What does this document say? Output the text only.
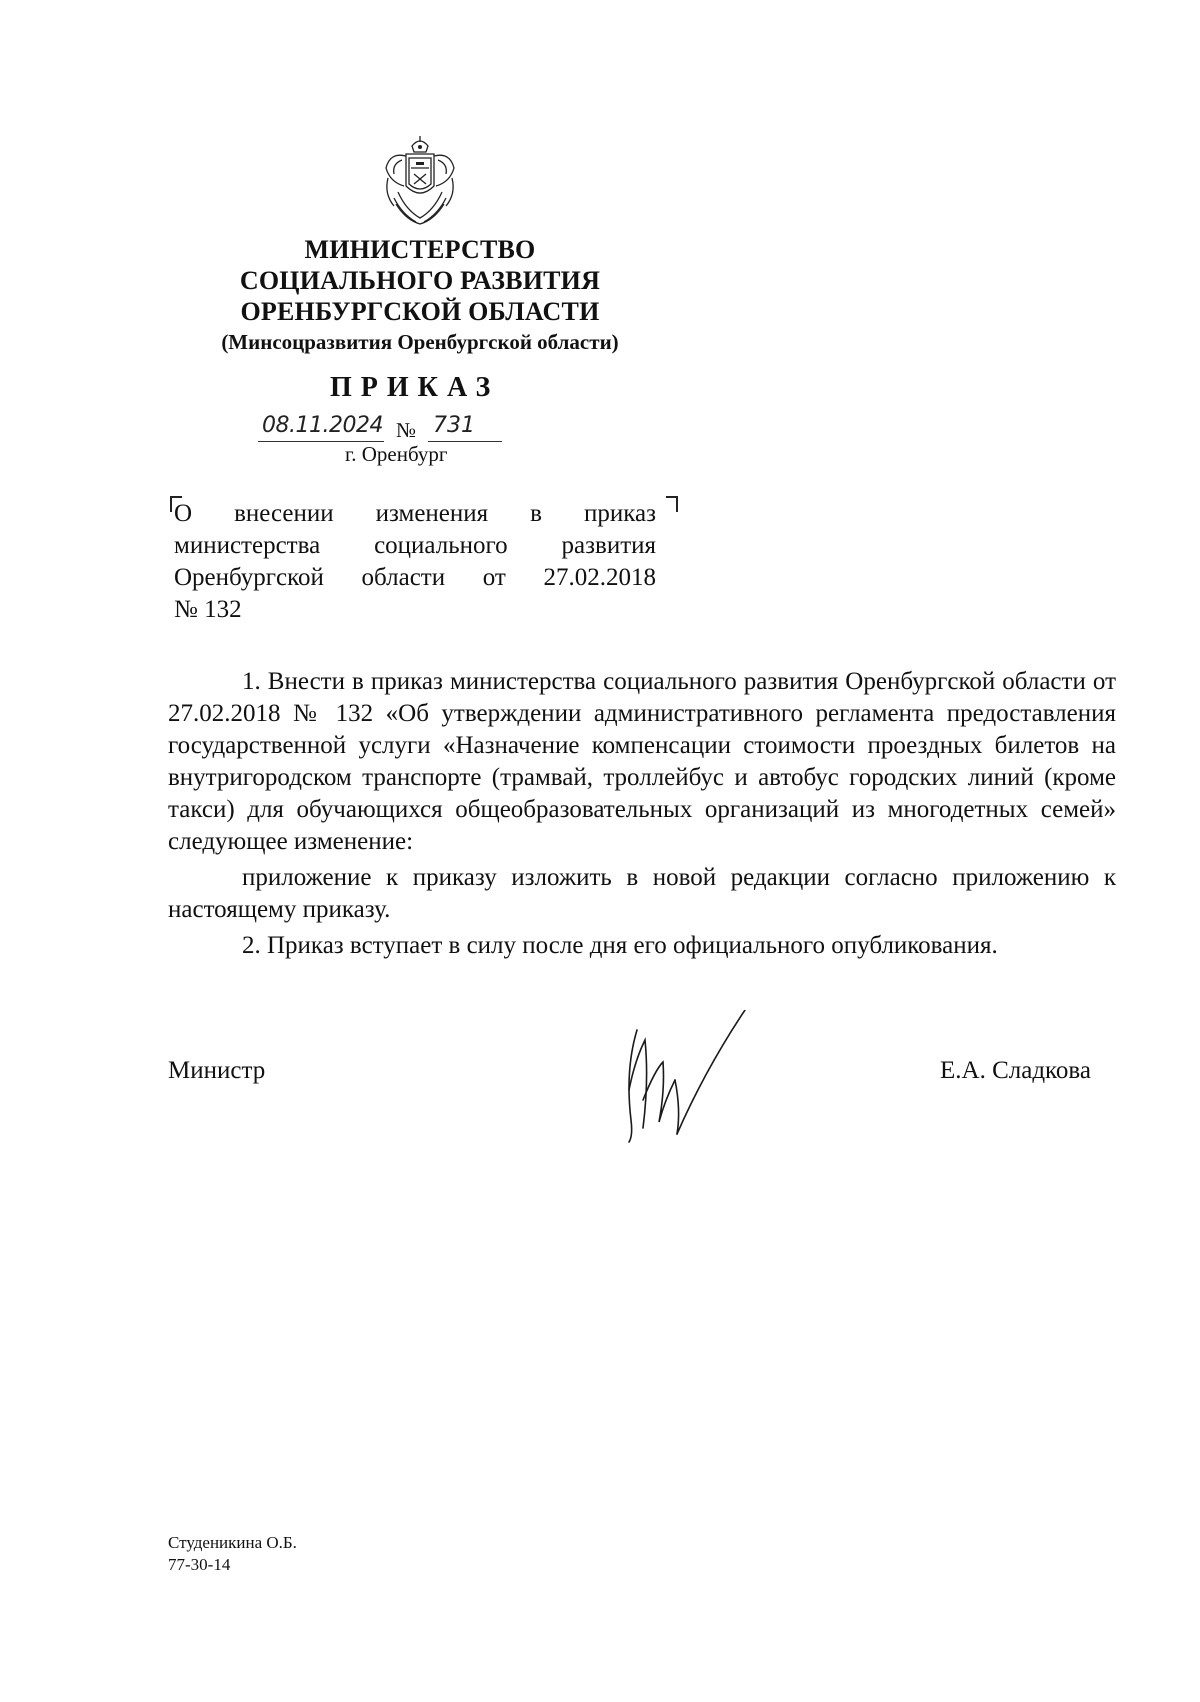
МИНИСТЕРСТВО
СОЦИАЛЬНОГО РАЗВИТИЯ
ОРЕНБУРГСКОЙ ОБЛАСТИ
(Минсоцразвития Оренбургской области)
ПРИКАЗ
08.11.2024 № 731
г. Оренбург
О внесении изменения в приказ
министерства социального развития
Оренбургской области от 27.02.2018
№ 132

1. Внести в приказ министерства социального развития Оренбургской области от 27.02.2018 № 132 «Об утверждении административного регламента предоставления государственной услуги «Назначение компенсации стоимости проездных билетов на внутригородском транспорте (трамвай, троллейбус и автобус городских линий (кроме такси) для обучающихся общеобразовательных организаций из многодетных семей» следующее изменение:

приложение к приказу изложить в новой редакции согласно приложению к настоящему приказу.

2. Приказ вступает в силу после дня его официального опубликования.

Министр	Е.А. Сладкова
Студеникина О.Б.
77-30-14
